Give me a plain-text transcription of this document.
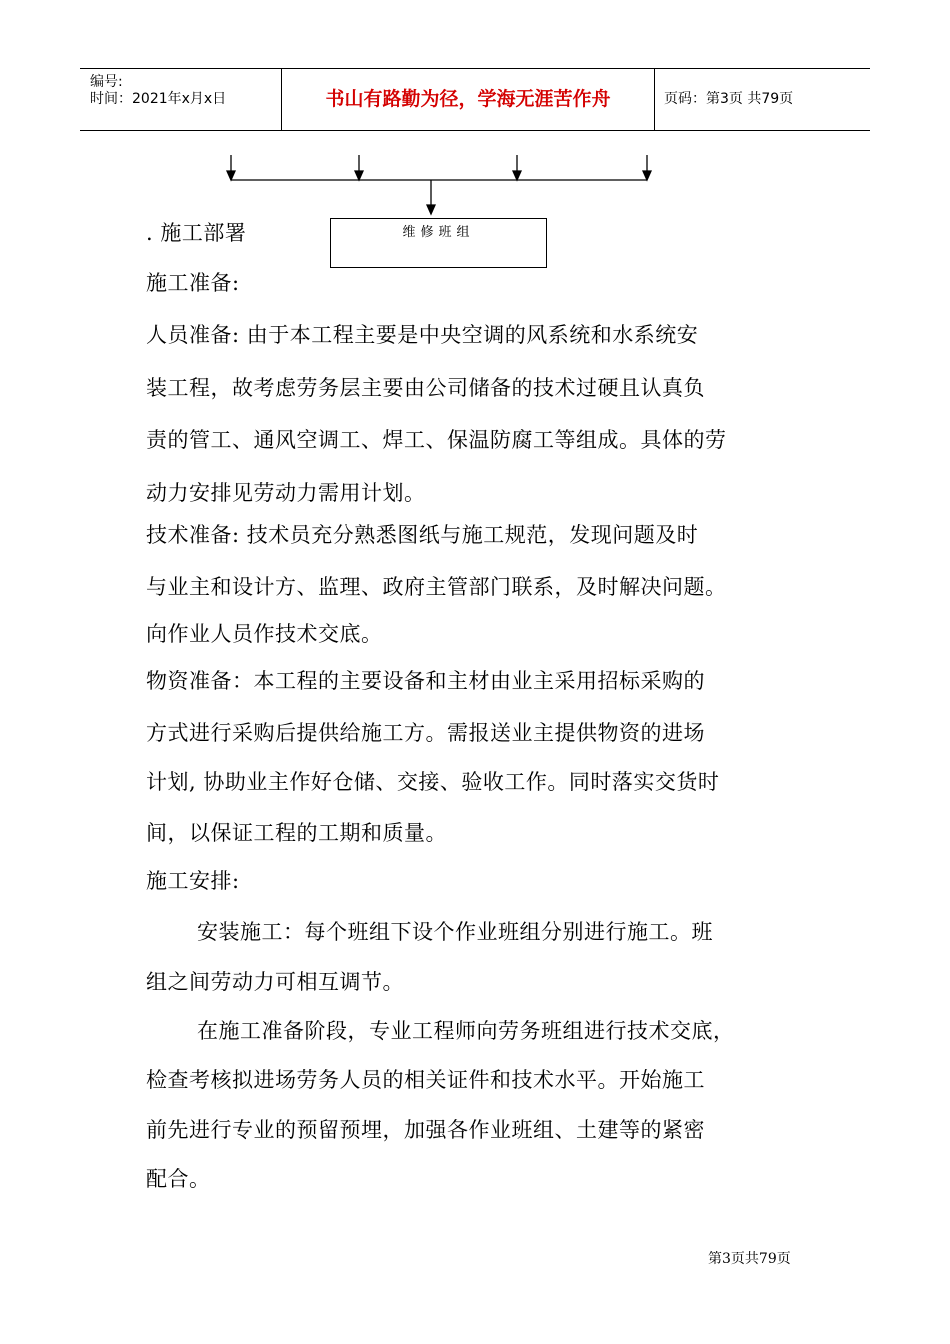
编号:
时间：2021年x月x日	书山有路勤为径，学海无涯苦作舟	页码：第3页 共79页
维修班组
. 施工部署
施工准备:
人员准备: 由于本工程主要是中央空调的风系统和水系统安
装工程，故考虑劳务层主要由公司储备的技术过硬且认真负
责的管工、通风空调工、焊工、保温防腐工等组成。具体的劳
动力安排见劳动力需用计划。
技术准备: 技术员充分熟悉图纸与施工规范，发现问题及时
与业主和设计方、监理、政府主管部门联系，及时解决问题。
向作业人员作技术交底。
物资准备：本工程的主要设备和主材由业主采用招标采购的
方式进行采购后提供给施工方。需报送业主提供物资的进场
计划, 协助业主作好仓储、交接、验收工作。同时落实交货时
间，以保证工程的工期和质量。
施工安排:
安装施工：每个班组下设个作业班组分别进行施工。班
组之间劳动力可相互调节。
在施工准备阶段，专业工程师向劳务班组进行技术交底，
检查考核拟进场劳务人员的相关证件和技术水平。开始施工
前先进行专业的预留预埋，加强各作业班组、土建等的紧密
配合。
第3页共79页
